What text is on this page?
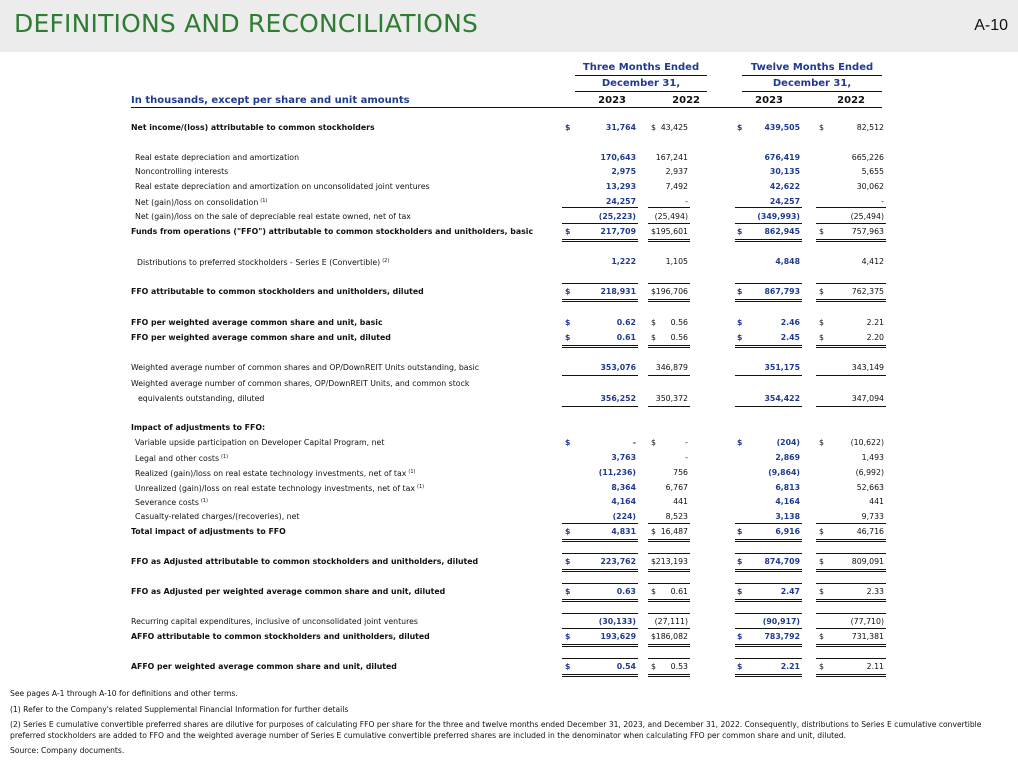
DEFINITIONS AND RECONCILIATIONS	A-10
Three Months Ended
December 31,
Twelve Months Ended
December 31,
In thousands, except per share and unit amounts	2023	2022	2023	2022
Net income/(loss) attributable to common stockholders	$	31,764 $ 43,425	$	439,505 $	82,512
Real estate depreciation and amortization	170,643	167,241	676,419	665,226
Noncontrolling interests	2,975	2,937	30,135	5,655
Real estate depreciation and amortization on unconsolidated joint ventures	13,293	7,492	42,622	30,062
Net (gain)/loss on consolidation $^{(1)}$	24,257	-	24,257	-
Net (gain)/loss on the sale of depreciable real estate owned, net of tax	(25,223)	(25,494)	(349,993)	(25,494)
Funds from operations ("FFO") attributable to common stockholders and unitholders, basic	$	217,709 $ 195,601	$	862,945 $	757,963
Distributions to preferred stockholders - Series E (Convertible) $^{(2)}$	1,222	1,105	4,848	4,412
FFO attributable to common stockholders and unitholders, diluted	$	218,931 $ 196,706	$	867,793 $	762,375
FFO per weighted average common share and unit, basic	$	0.62 $	0.56	$	2.46 $	2.21
FFO per weighted average common share and unit, diluted	$	0.61 $	0.56	$	2.45 $	2.20
Weighted average number of common shares and OP/DownREIT Units outstanding, basic	353,076	346,879	351,175	343,149
Weighted average number of common shares, OP/DownREIT Units, and common stock
equivalents outstanding, diluted	356,252	350,372	354,422	347,094
Impact of adjustments to FFO:
Variable upside participation on Developer Capital Program, net	$	- $	-	$	(204) $	(10,622)
Legal and other costs $^{(1)}$	3,763	-	2,869	1,493
Realized (gain)/loss on real estate technology investments, net of tax $^{(1)}$	(11,236)	756	(9,864)	(6,992)
Unrealized (gain)/loss on real estate technology investments, net of tax $^{(1)}$	8,364	6,767	6,813	52,663
Severance costs $^{(1)}$	4,164	441	4,164	441
Casualty-related charges/(recoveries), net	(224)	8,523	3,138	9,733
Total impact of adjustments to FFO	$	4,831 $ 16,487	$	6,916 $	46,716
FFO as Adjusted attributable to common stockholders and unitholders, diluted	$	223,762 $ 213,193	$	874,709 $	809,091
FFO as Adjusted per weighted average common share and unit, diluted	$	0.63 $	0.61	$	2.47 $	2.33
Recurring capital expenditures, inclusive of unconsolidated joint ventures	(30,133)	(27,111)	(90,917)	(77,710)
AFFO attributable to common stockholders and unitholders, diluted	$	193,629 $ 186,082	$	783,792 $	731,381
AFFO per weighted average common share and unit, diluted	$	0.54 $	0.53	$	2.21 $	2.11

See pages A-1 through A-10 for definitions and other terms.

(1) Refer to the Company's related Supplemental Financial Information for further details

(2) Series E cumulative convertible preferred shares are dilutive for purposes of calculating FFO per share for the three and twelve months ended December 31, 2023, and December 31, 2022. Consequently, distributions to Series E cumulative convertible preferred stockholders are added to FFO and the weighted average number of Series E cumulative convertible preferred shares are included in the denominator when calculating FFO per common share and unit, diluted.

Source: Company documents.
